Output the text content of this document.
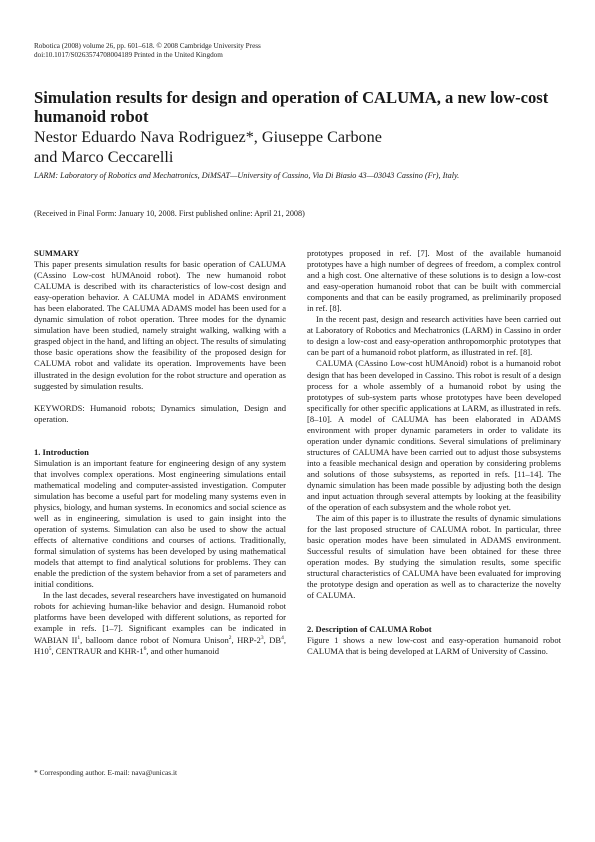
Robotica (2008) volume 26, pp. 601–618. © 2008 Cambridge University Press
doi:10.1017/S0263574708004189 Printed in the United Kingdom
Simulation results for design and operation of CALUMA, a new low-cost humanoid robot
Nestor Eduardo Nava Rodriguez*, Giuseppe Carbone
and Marco Ceccarelli
LARM: Laboratory of Robotics and Mechatronics, DiMSAT—University of Cassino, Via Di Biasio 43—03043 Cassino (Fr), Italy.
(Received in Final Form: January 10, 2008. First published online: April 21, 2008)

SUMMARY

This paper presents simulation results for basic operation of CALUMA (CAssino Low-cost hUMAnoid robot). The new humanoid robot CALUMA is described with its characteristics of low-cost design and easy-operation behavior. A CALUMA model in ADAMS environment has been elaborated. The CALUMA ADAMS model has been used for a dynamic simulation of robot operation. Three modes for the dynamic simulation have been studied, namely straight walking, walking with a grasped object in the hand, and lifting an object. The results of simulating those basic operations show the feasibility of the proposed design for CALUMA robot and validate its operation. Improvements have been illustrated in the design evolution for the robot structure and operation as suggested by simulation results.

KEYWORDS: Humanoid robots; Dynamics simulation, Design and operation.

1. Introduction

Simulation is an important feature for engineering design of any system that involves complex operations. Most engineering simulations entail mathematical modeling and computer-assisted investigation. Computer simulation has become a useful part for modeling many systems even in physics, biology, and human systems. In economics and social science as well as in engineering, simulation is used to gain insight into the operation of systems. Simulation can also be used to show the actual effects of alternative conditions and courses of actions. Traditionally, formal simulation of systems has been developed by using mathematical models that attempt to find analytical solutions for problems. They can enable the prediction of the system behavior from a set of parameters and initial conditions.

In the last decades, several researchers have investigated on humanoid robots for achieving human-like behavior and design. Humanoid robot platforms have been developed with different solutions, as reported for example in refs. [1–7]. Significant examples can be indicated in WABIAN $II^1$, balloom dance robot of Nomura Unison$^2$, HRP-$2^3$, $DB^4$, $H10^5$, CENTRAUR and KHR-$1^6$, and other humanoid

prototypes proposed in ref. [7]. Most of the available humanoid prototypes have a high number of degrees of freedom, a complex control and a high cost. One alternative of these solutions is to design a low-cost and easy-operation humanoid robot that can be built with commercial components and that can be easily programed, as preliminarily proposed in ref. [8].

In the recent past, design and research activities have been carried out at Laboratory of Robotics and Mechatronics (LARM) in Cassino in order to design a low-cost and easy-operation anthropomorphic prototypes that can be part of a humanoid robot platform, as illustrated in ref. [8].

CALUMA (CAssino Low-cost hUMAnoid) robot is a humanoid robot design that has been developed in Cassino. This robot is result of a design process for a whole assembly of a humanoid robot by using the prototypes of sub-system parts whose prototypes have been developed specifically for other specific applications at LARM, as illustrated in refs. [8–10]. A model of CALUMA has been elaborated in ADAMS environment with proper dynamic parameters in order to validate its operation under dynamic conditions. Several simulations of preliminary structures of CALUMA have been carried out to adjust those subsystems into a feasible mechanical design and operation by considering problems and solutions of those subsystems, as reported in refs. [11–14]. The dynamic simulation has been made possible by adjusting both the design and input actuation through several attempts by looking at the feasibility of the operation of each subsystem and the whole robot yet.

The aim of this paper is to illustrate the results of dynamic simulations for the last proposed structure of CALUMA robot. In particular, three basic operation modes have been simulated in ADAMS environment. Successful results of simulation have been obtained for these three operation modes. By studying the simulation results, some specific structural characteristics of CALUMA have been evaluated for improving the prototype design and operation as well as to characterize the novelty of CALUMA.

2. Description of CALUMA Robot

Figure 1 shows a new low-cost and easy-operation humanoid robot CALUMA that is being developed at LARM of University of Cassino.

* Corresponding author. E-mail: nava@unicas.it
